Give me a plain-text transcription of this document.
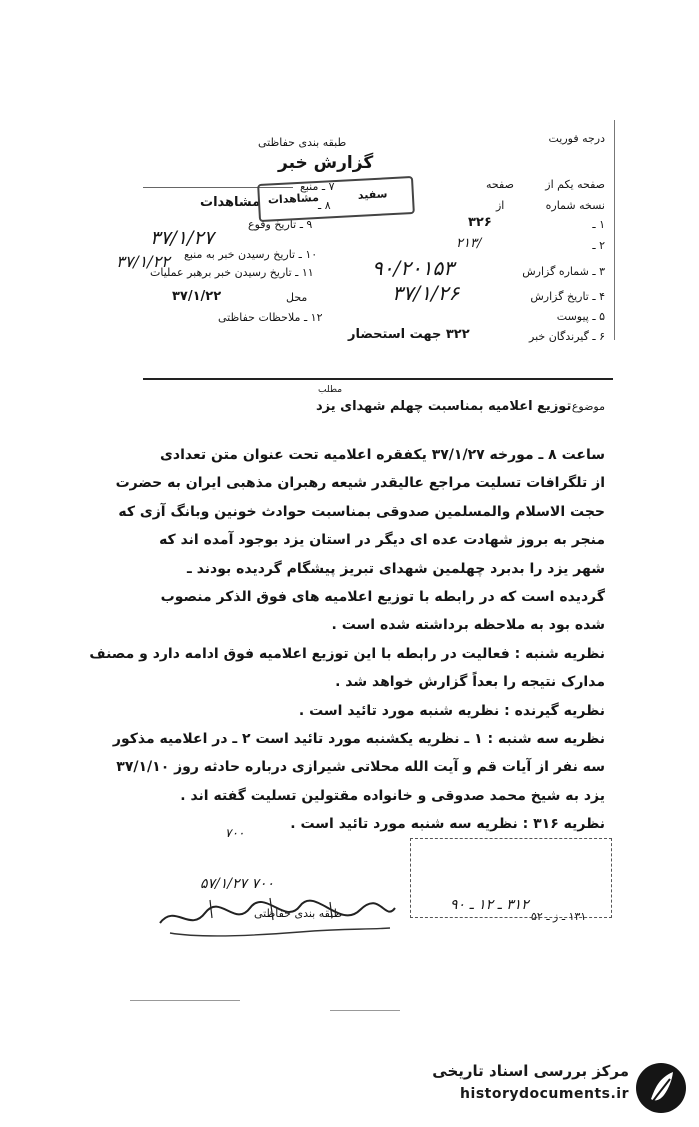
درجه فوریت
طبقه بندی حفاظتی
گزارش خبر
صفحه یکم از
صفحه
نسخه شماره
از
۱ ـ
۳۲۶
۲ ـ
/۲۱۳
۳ ـ شماره گزارش
۹۰/۲۰۱۵۳
۴ ـ تاریخ گزارش
۳۷/۱/۲۶
۵ ـ پیوست
۶ ـ گیرندگان خبر
۳۲۲ جهت استحضار
۷ ـ منبع
۸ ـ
مشاهدات
۹ ـ تاریخ وقوع
۳۷/۱/۲۷
۱۰ ـ تاریخ رسیدن خبر به منبع
۳۷/۱/۲۲
۱۱ ـ تاریخ رسیدن خبر برهبر عملیات
محل
۳۷/۱/۲۲
۱۲ ـ ملاحظات حفاظتی
مشاهدات	سفید
موضوع
توزیع اعلامیه بمناسبت چهلم شهدای یزد
مطلب
ساعت ۸ ـ مورخه ۳۷/۱/۲۷ یکفقره اعلامیه تحت عنوان متن تعدادی
از تلگرافات تسلیت مراجع عالیقدر شیعه رهبران مذهبی ایران به حضرت
حجت الاسلام والمسلمین صدوقی بمناسبت حوادث خونین وبانگ آزی که
منجر به بروز شهادت عده ای دیگر در استان یزد بوجود آمده اند که
شهر یزد را بدبرد چهلمین شهدای تبریز پیشگام گردیده بودند ـ
گردیده است که در رابطه با توزیع اعلامیه های فوق الذکر منصوب
شده بود به ملاحظه برداشته شده است .
نظریه شنبه : فعالیت در رابطه با این توزیع اعلامیه فوق ادامه دارد و مصنف
مدارک نتیجه را بعداً گزارش خواهد شد .
نظریه گیرنده : نظریه شنبه مورد تائید است .
نظریه سه شنبه : ۱ ـ نظریه یکشنبه مورد تائید است ۲ ـ در اعلامیه مذکور
سه نفر از آیات قم و آیت الله محلاتی شیرازی درباره حادثه روز ۳۷/۱/۱۰
یزد به شیخ محمد صدوقی و خانواده مقتولین تسلیت گفته اند .
نظریه ۳۱۶ : نظریه سه شنبه مورد تائید است .
۷۰۰
طبقه بندی حفاظتی
۳۱۲ ـ ۱۲ ـ ۹۰
۱۳۱ ـ ز ـ ۵۲
۷۰۰ ۵۷/۱/۲۷
مرکز بررسی اسناد تاریخی
historydocuments.ir
